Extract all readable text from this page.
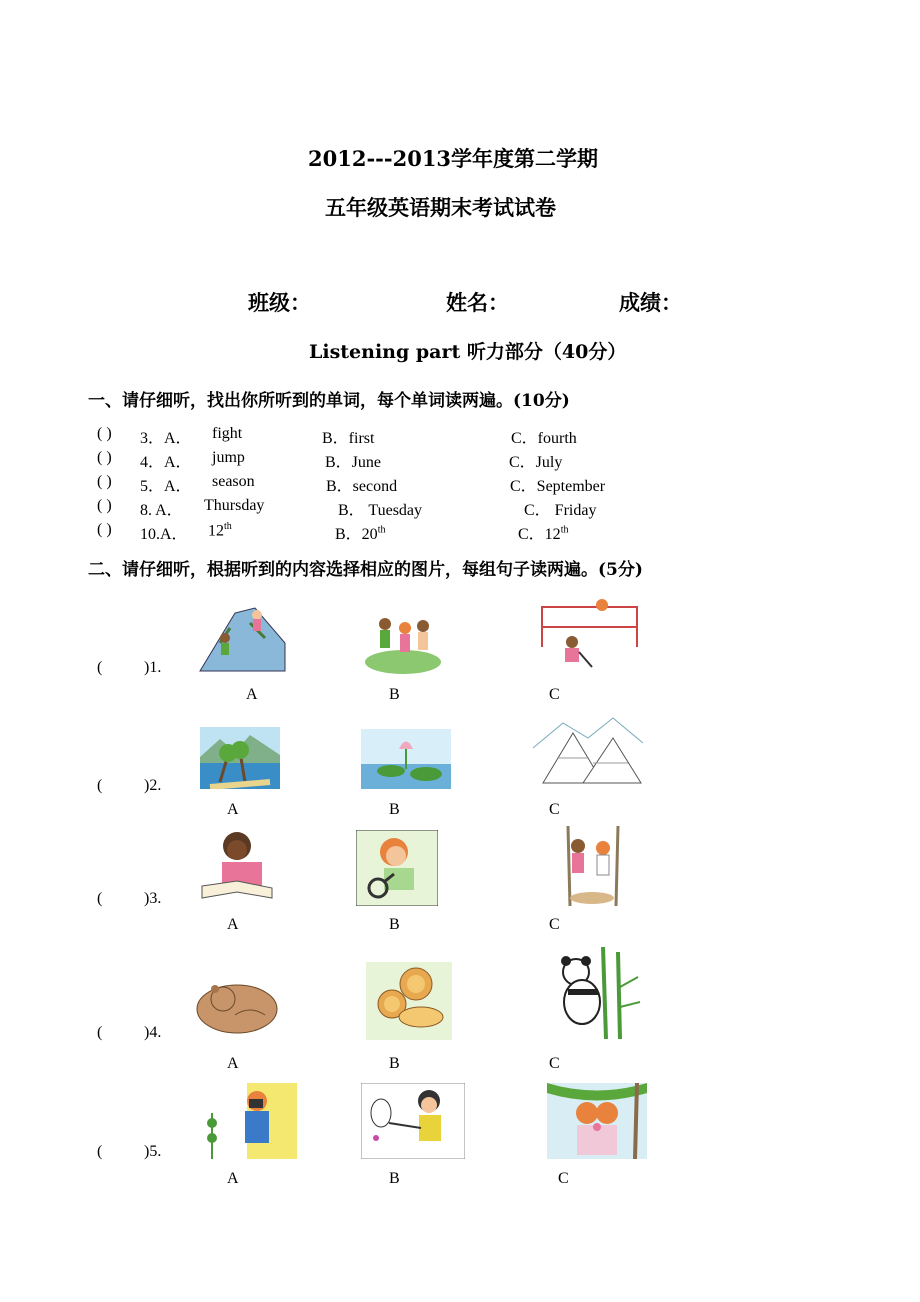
2012---2013学年度第二学期
五年级英语期末考试试卷
班级：	姓名：	成绩：
Listening part 听力部分（40分）
一、请仔细听，找出你所听到的单词，每个单词读两遍。(10分)
( ) 3．A． fight	B．first	C．fourth
( ) 4．A． jump	B．June	C．July
( ) 5．A． season	B．second	C．September
( ) 8. A． Thursday	B． Tuesday	C． Friday
( ) 10.A． 12th	B．20th	C．12th
二、请仔细听，根据听到的内容选择相应的图片，每组句子读两遍。(5分)
(	)1.
A	B	C
(	)2.
A	B	C
(	)3.
A	B	C
(	)4.
A	B	C
(	)5.
A	B	C
